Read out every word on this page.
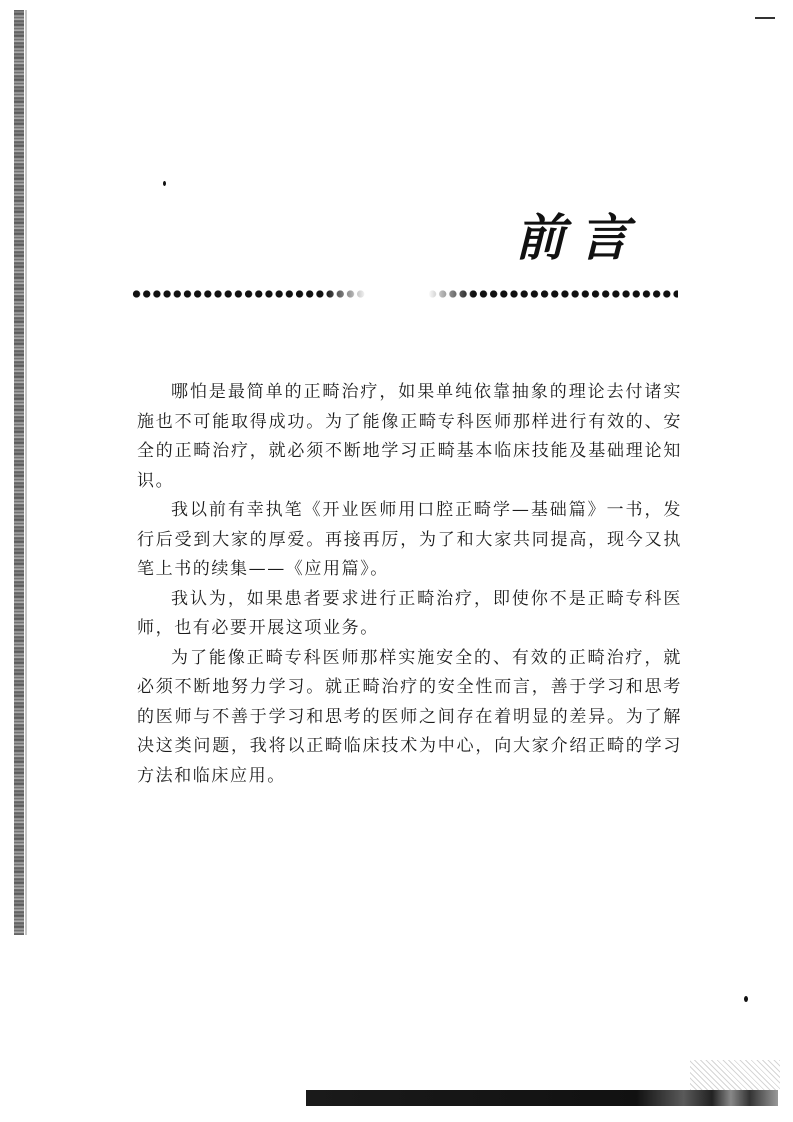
前言

哪怕是最简单的正畸治疗，如果单纯依靠抽象的理论去付诸实施也不可能取得成功。为了能像正畸专科医师那样进行有效的、安全的正畸治疗，就必须不断地学习正畸基本临床技能及基础理论知识。

我以前有幸执笔《开业医师用口腔正畸学—基础篇》一书，发行后受到大家的厚爱。再接再厉，为了和大家共同提高，现今又执笔上书的续集——《应用篇》。

我认为，如果患者要求进行正畸治疗，即使你不是正畸专科医师，也有必要开展这项业务。

为了能像正畸专科医师那样实施安全的、有效的正畸治疗，就必须不断地努力学习。就正畸治疗的安全性而言，善于学习和思考的医师与不善于学习和思考的医师之间存在着明显的差异。为了解决这类问题，我将以正畸临床技术为中心，向大家介绍正畸的学习方法和临床应用。
